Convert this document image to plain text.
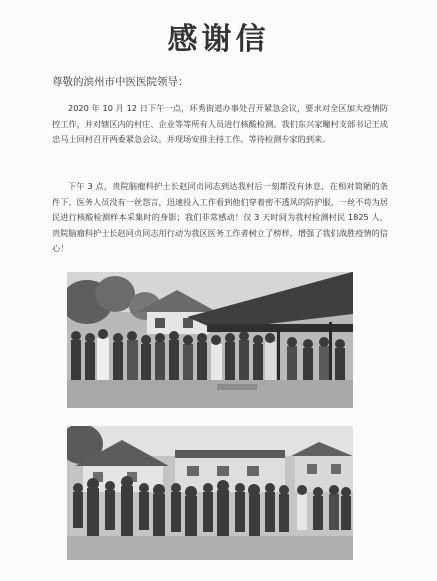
感谢信
尊敬的滨州市中医医院领导：
2020 年 10 月 12 日下午一点，环秀街道办事处召开紧急会议，要求对全区加大疫情防控工作，并对辖区内的村庄、企业等等所有人员进行核酸检测。我们东兴家疃村支部书记王成忠马上回村召开两委紧急会议。并现场安排主持工作。等待检测专家的到来。
下午 3 点，贵院脑瘤科护士长赵同贞同志到达我村后一刻都没有休息，在相对简陋的条件下、医务人员没有一丝怨言，迅速投入工作看到他们穿着密不透风的防护服，一丝不苟为居民进行核酸检测样本采集时的身影；我们非常感动！仅 3 天时间为我村检测村民 1825 人，贵院脑瘤科护士长赵同贞同志用行动为我区医务工作者树立了榜样，增强了我们战胜疫情的信心！
